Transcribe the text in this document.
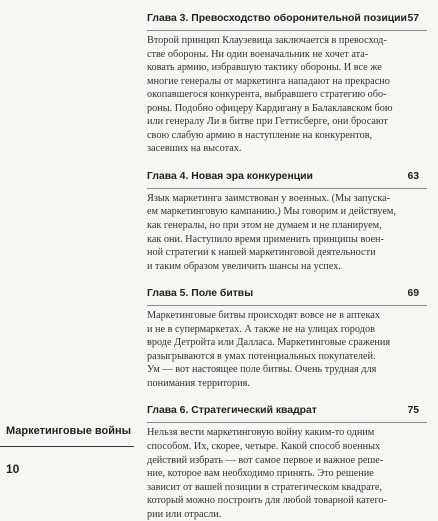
Маркетинговые войны
10
Глава 3. Превосходство оборонительной позиции 57
Второй принцип Клаузевица заключается в превосход-
стве обороны. Ни один военачальник не хочет ата-
ковать армию, избравшую тактику обороны. И все же
многие генералы от маркетинга нападают на прекрасно
окопавшегося конкурента, выбравшего стратегию обо-
роны. Подобно офицеру Кардигану в Балаклавском бою
или генералу Ли в битве при Геттисберге, они бросают
свою слабую армию в наступление на конкурентов,
засевших на высотах.
Глава 4. Новая эра конкуренции	63
Язык маркетинга заимствован у военных. (Мы запуска-
ем маркетинговую кампанию.) Мы говорим и действуем,
как генералы, но при этом не думаем и не планируем,
как они. Наступило время применить принципы воен-
ной стратегии к нашей маркетинговой деятельности
и таким образом увеличить шансы на успех.
Глава 5. Поле битвы	69
Маркетинговые битвы происходят вовсе не в аптеках
и не в супермаркетах. А также не на улицах городов
вроде Детройта или Далласа. Маркетинговые сражения
разыгрываются в умах потенциальных покупателей.
Ум — вот настоящее поле битвы. Очень трудная для
понимания территория.
Глава 6. Стратегический квадрат	75
Нельзя вести маркетинговую войну каким-то одним
способом. Их, скорее, четыре. Какой способ военных
действий избрать — вот самое первое и важное реше-
ние, которое вам необходимо принять. Это решение
зависит от вашей позиции в стратегическом квадрате,
который можно построить для любой товарной катего-
рии или отрасли.
